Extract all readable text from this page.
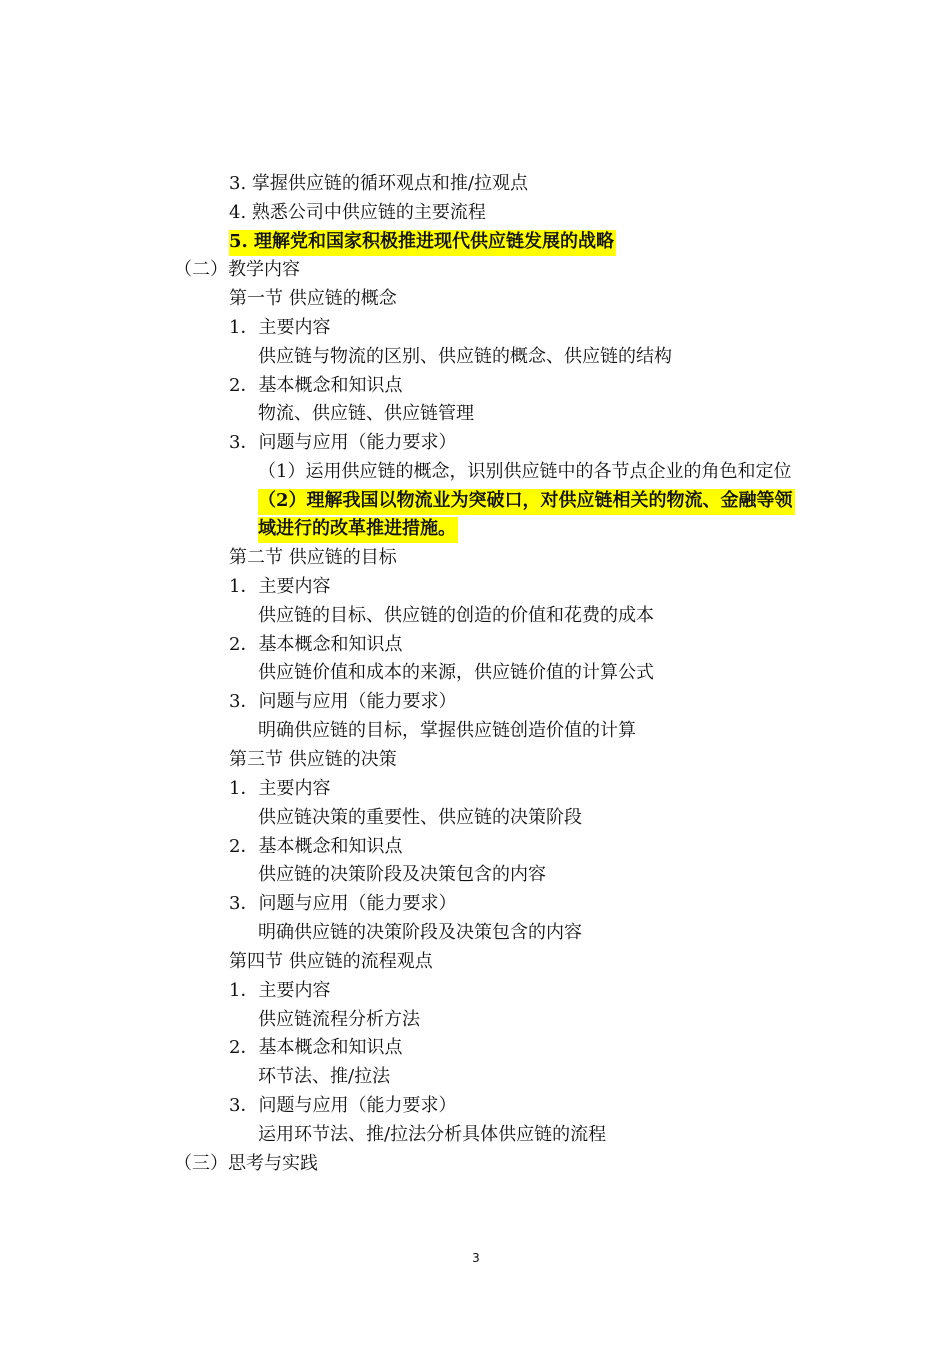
3. 掌握供应链的循环观点和推/拉观点
4. 熟悉公司中供应链的主要流程
5. 理解党和国家积极推进现代供应链发展的战略
（二）教学内容
第一节 供应链的概念
1．主要内容
供应链与物流的区别、供应链的概念、供应链的结构
2．基本概念和知识点
物流、供应链、供应链管理
3．问题与应用（能力要求）
（1）运用供应链的概念，识别供应链中的各节点企业的角色和定位
（2）理解我国以物流业为突破口，对供应链相关的物流、金融等领
域进行的改革推进措施。
第二节 供应链的目标
1．主要内容
供应链的目标、供应链的创造的价值和花费的成本
2．基本概念和知识点
供应链价值和成本的来源，供应链价值的计算公式
3．问题与应用（能力要求）
明确供应链的目标，掌握供应链创造价值的计算
第三节 供应链的决策
1．主要内容
供应链决策的重要性、供应链的决策阶段
2．基本概念和知识点
供应链的决策阶段及决策包含的内容
3．问题与应用（能力要求）
明确供应链的决策阶段及决策包含的内容
第四节 供应链的流程观点
1．主要内容
供应链流程分析方法
2．基本概念和知识点
环节法、推/拉法
3．问题与应用（能力要求）
运用环节法、推/拉法分析具体供应链的流程
（三）思考与实践
3
